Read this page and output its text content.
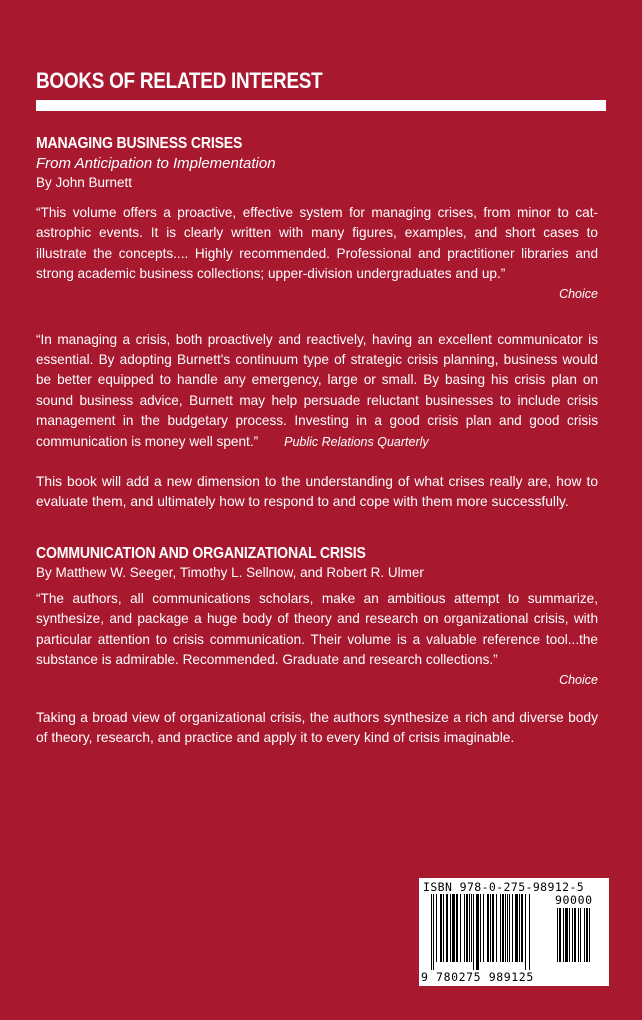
BOOKS OF RELATED INTEREST
MANAGING BUSINESS CRISES
From Anticipation to Implementation
By John Burnett
“This volume offers a proactive, effective system for managing crises, from minor to cat-astrophic events. It is clearly written with many figures, examples, and short cases to illustrate the concepts.... Highly recommended. Professional and practitioner libraries and strong academic business collections; upper-division undergraduates and up.”
Choice
“In managing a crisis, both proactively and reactively, having an excellent communicator is essential. By adopting Burnett's continuum type of strategic crisis planning, business would be better equipped to handle any emergency, large or small. By basing his crisis plan on sound business advice, Burnett may help persuade reluctant businesses to include crisis management in the budgetary process. Investing in a good crisis plan and good crisis communication is money well spent.” Public Relations Quarterly
This book will add a new dimension to the understanding of what crises really are, how to evaluate them, and ultimately how to respond to and cope with them more successfully.
COMMUNICATION AND ORGANIZATIONAL CRISIS
By Matthew W. Seeger, Timothy L. Sellnow, and Robert R. Ulmer
“The authors, all communications scholars, make an ambitious attempt to summarize, synthesize, and package a huge body of theory and research on organizational crisis, with particular attention to crisis communication. Their volume is a valuable reference tool...the substance is admirable. Recommended. Graduate and research collections.”
Choice
Taking a broad view of organizational crisis, the authors synthesize a rich and diverse body of theory, research, and practice and apply it to every kind of crisis imaginable.
ISBN 978-0-275-98912-5
90000
9 780275 989125
